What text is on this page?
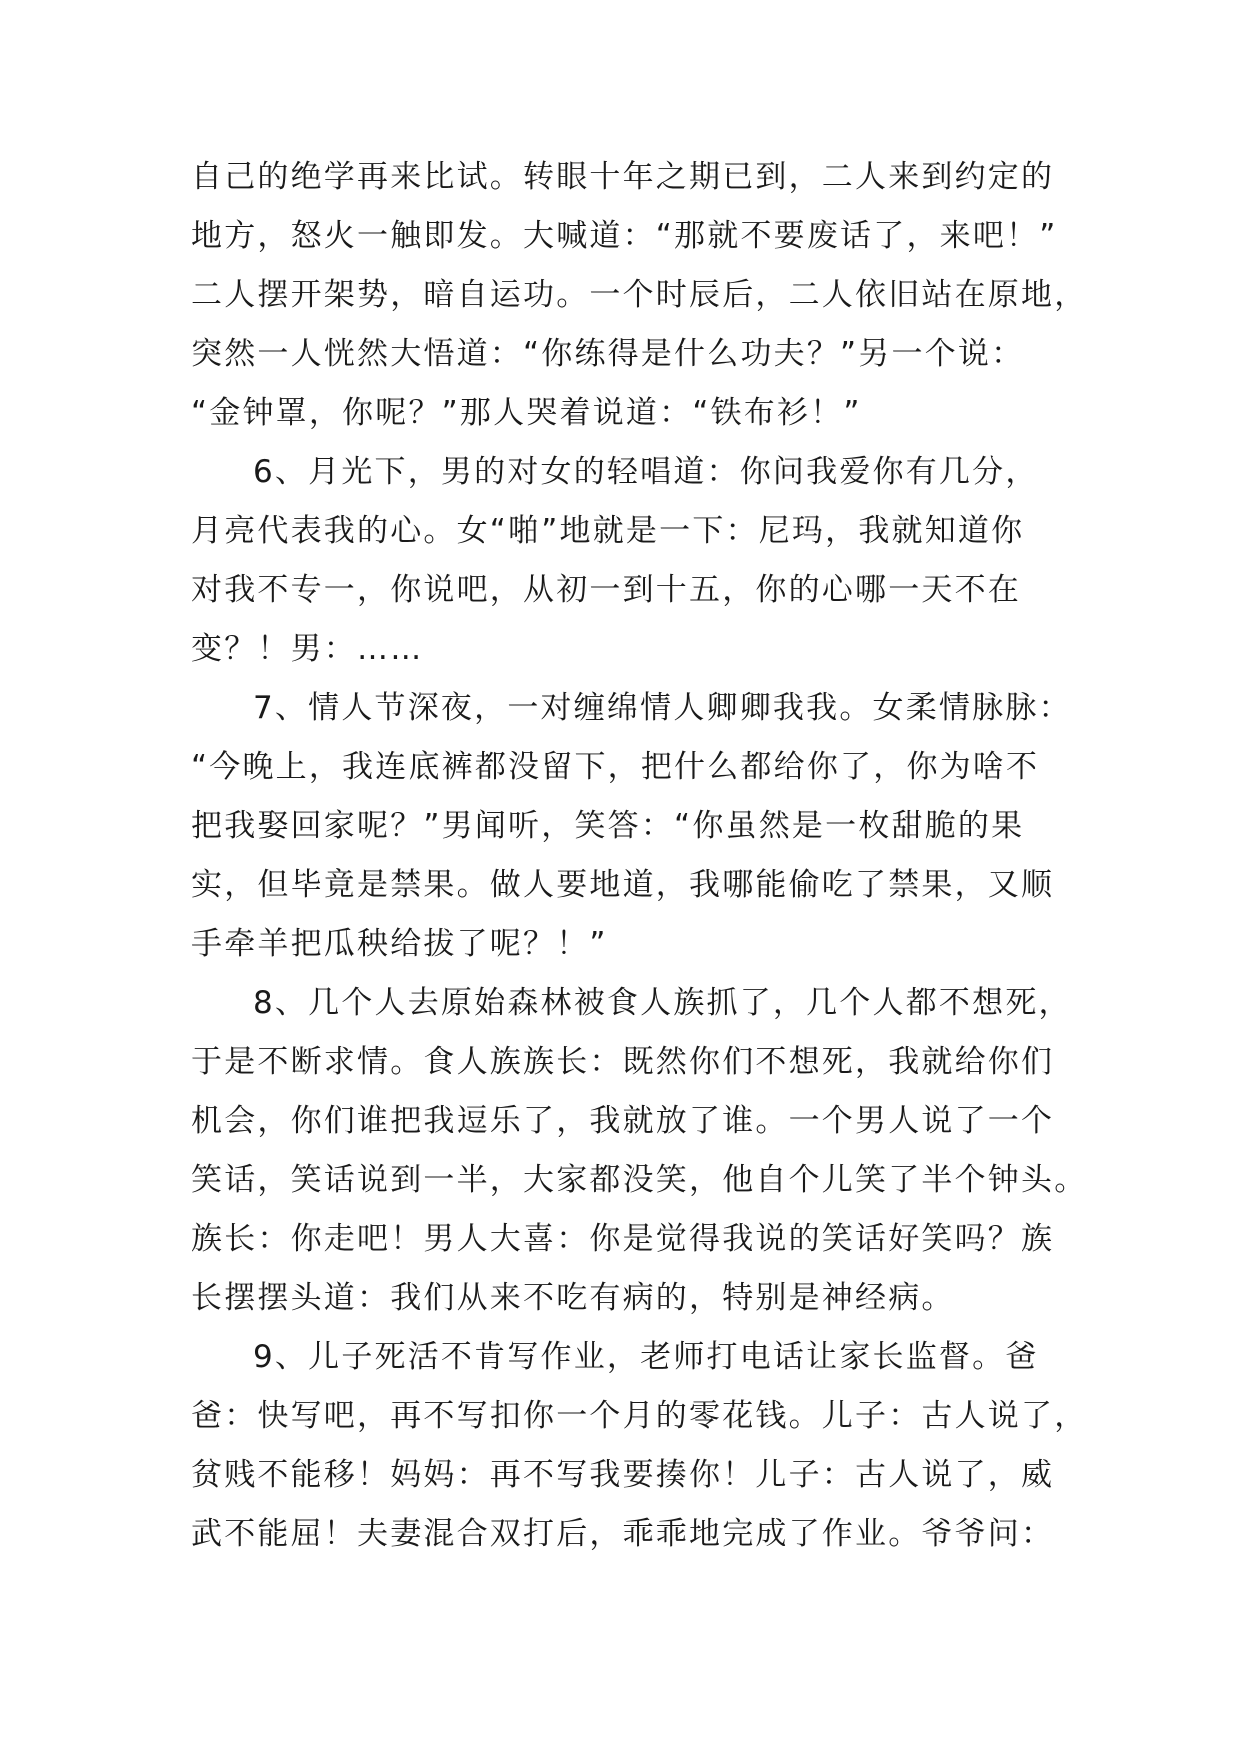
自己的绝学再来比试。转眼十年之期已到，二人来到约定的
地方，怒火一触即发。大喊道：“那就不要废话了，来吧！”
二人摆开架势，暗自运功。一个时辰后，二人依旧站在原地，
突然一人恍然大悟道：“你练得是什么功夫？”另一个说：
“金钟罩，你呢？”那人哭着说道：“铁布衫！”
6、月光下，男的对女的轻唱道：你问我爱你有几分，
月亮代表我的心。女“啪”地就是一下：尼玛，我就知道你
对我不专一，你说吧，从初一到十五，你的心哪一天不在
变？！男：……
7、情人节深夜，一对缠绵情人卿卿我我。女柔情脉脉：
“今晚上，我连底裤都没留下，把什么都给你了，你为啥不
把我娶回家呢？”男闻听，笑答：“你虽然是一枚甜脆的果
实，但毕竟是禁果。做人要地道，我哪能偷吃了禁果，又顺
手牵羊把瓜秧给拔了呢？！”
8、几个人去原始森林被食人族抓了，几个人都不想死，
于是不断求情。食人族族长：既然你们不想死，我就给你们
机会，你们谁把我逗乐了，我就放了谁。一个男人说了一个
笑话，笑话说到一半，大家都没笑，他自个儿笑了半个钟头。
族长：你走吧！男人大喜：你是觉得我说的笑话好笑吗？族
长摆摆头道：我们从来不吃有病的，特别是神经病。
9、儿子死活不肯写作业，老师打电话让家长监督。爸
爸：快写吧，再不写扣你一个月的零花钱。儿子：古人说了，
贫贱不能移！妈妈：再不写我要揍你！儿子：古人说了，威
武不能屈！夫妻混合双打后，乖乖地完成了作业。爷爷问：
